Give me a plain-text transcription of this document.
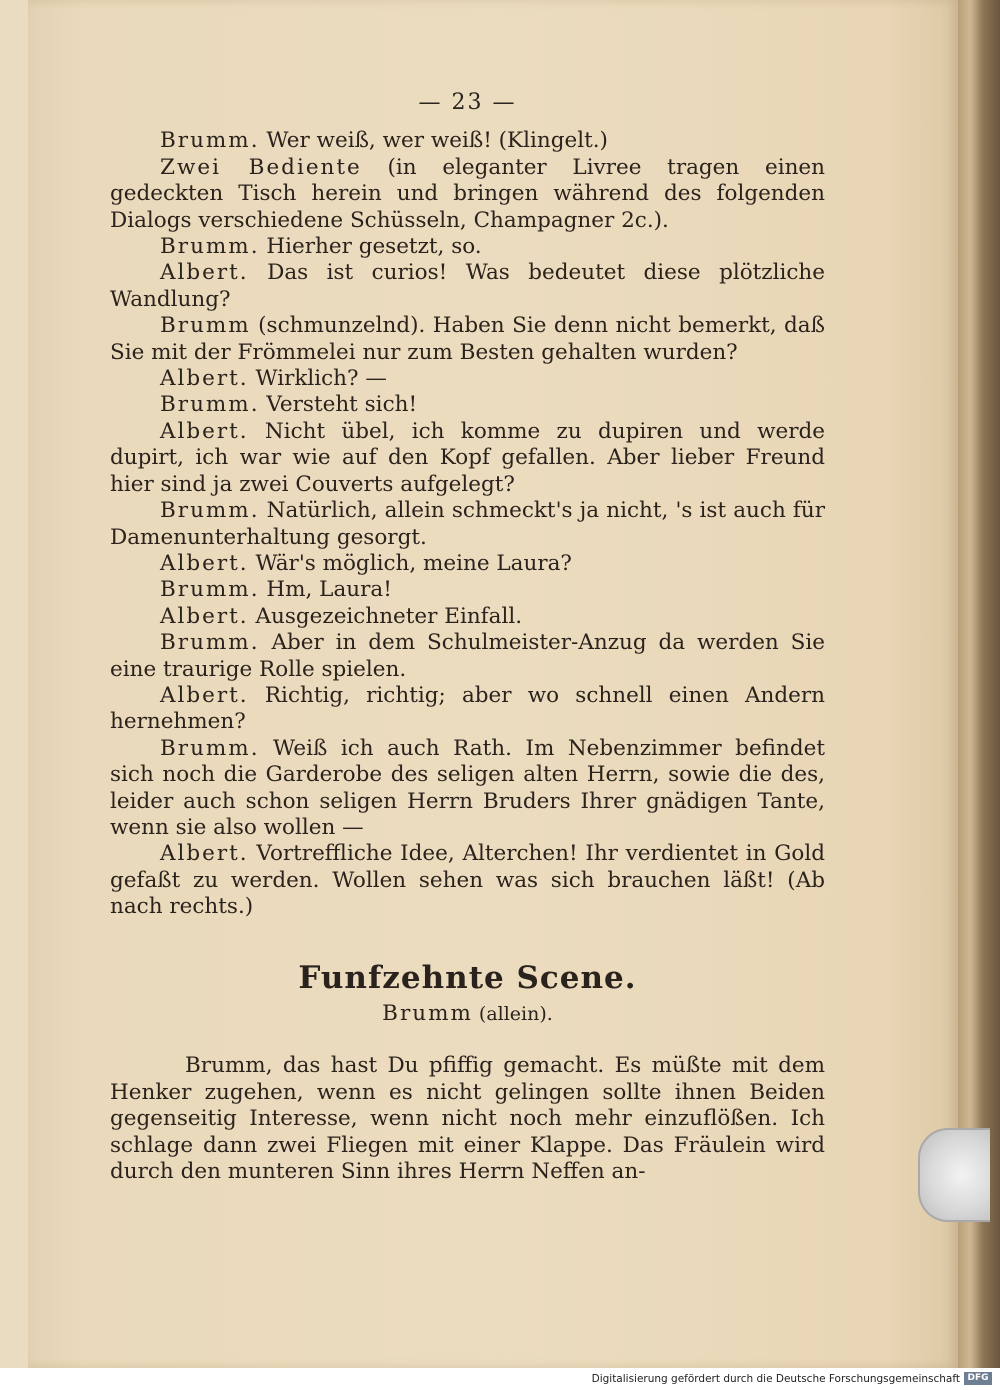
— 23 —

Brumm. Wer weiß, wer weiß! (Klingelt.)

Zwei Bediente (in eleganter Livree tragen einen gedeckten Tisch herein und bringen während des folgenden Dialogs verschiedene Schüsseln, Champagner 2c.).

Brumm. Hierher gesetzt, so.

Albert. Das ist curios! Was bedeutet diese plötzliche Wandlung?

Brumm (schmunzelnd). Haben Sie denn nicht bemerkt, daß Sie mit der Frömmelei nur zum Besten gehalten wurden?

Albert. Wirklich? —

Brumm. Versteht sich!

Albert. Nicht übel, ich komme zu dupiren und werde dupirt, ich war wie auf den Kopf gefallen. Aber lieber Freund hier sind ja zwei Couverts aufgelegt?

Brumm. Natürlich, allein schmeckt's ja nicht, 's ist auch für Damenunterhaltung gesorgt.

Albert. Wär's möglich, meine Laura?

Brumm. Hm, Laura!

Albert. Ausgezeichneter Einfall.

Brumm. Aber in dem Schulmeister-Anzug da werden Sie eine traurige Rolle spielen.

Albert. Richtig, richtig; aber wo schnell einen Andern hernehmen?

Brumm. Weiß ich auch Rath. Im Nebenzimmer befindet sich noch die Garderobe des seligen alten Herrn, sowie die des, leider auch schon seligen Herrn Bruders Ihrer gnädigen Tante, wenn sie also wollen —

Albert. Vortreffliche Idee, Alterchen! Ihr verdientet in Gold gefaßt zu werden. Wollen sehen was sich brauchen läßt! (Ab nach rechts.)

Funfzehnte Scene.
Brumm (allein).

Brumm, das hast Du pfiffig gemacht. Es müßte mit dem Henker zugehen, wenn es nicht gelingen sollte ihnen Beiden gegenseitig Interesse, wenn nicht noch mehr einzuflößen. Ich schlage dann zwei Fliegen mit einer Klappe. Das Fräulein wird durch den munteren Sinn ihres Herrn Neffen an-

Digitalisierung gefördert durch die Deutsche Forschungsgemeinschaft DFG
